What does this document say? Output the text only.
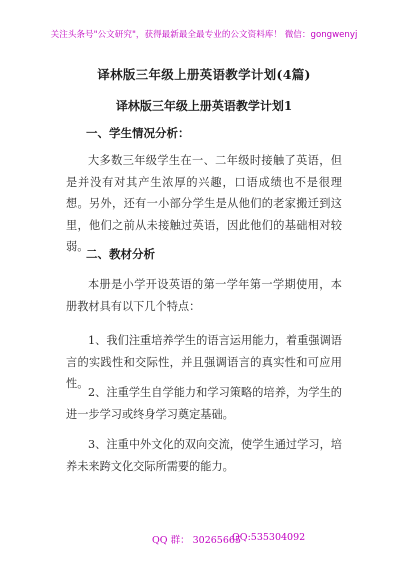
关注头条号"公文研究"，获得最新最全最专业的公文资料库！ 微信：gongwenyj
译林版三年级上册英语教学计划(4篇)
译林版三年级上册英语教学计划1
一、学生情况分析：
大多数三年级学生在一、二年级时接触了英语，但是并没有对其产生浓厚的兴趣，口语成绩也不是很理想。另外，还有一小部分学生是从他们的老家搬迁到这里，他们之前从未接触过英语，因此他们的基础相对较弱。
二、教材分析
本册是小学开设英语的第一学年第一学期使用，本册教材具有以下几个特点：
1、我们注重培养学生的语言运用能力，着重强调语言的实践性和交际性，并且强调语言的真实性和可应用性。
2、注重学生自学能力和学习策略的培养，为学生的进一步学习或终身学习奠定基础。
3、注重中外文化的双向交流，使学生通过学习，培养未来跨文化交际所需要的能力。
QQ 群： 30265665
QQ:535304092
